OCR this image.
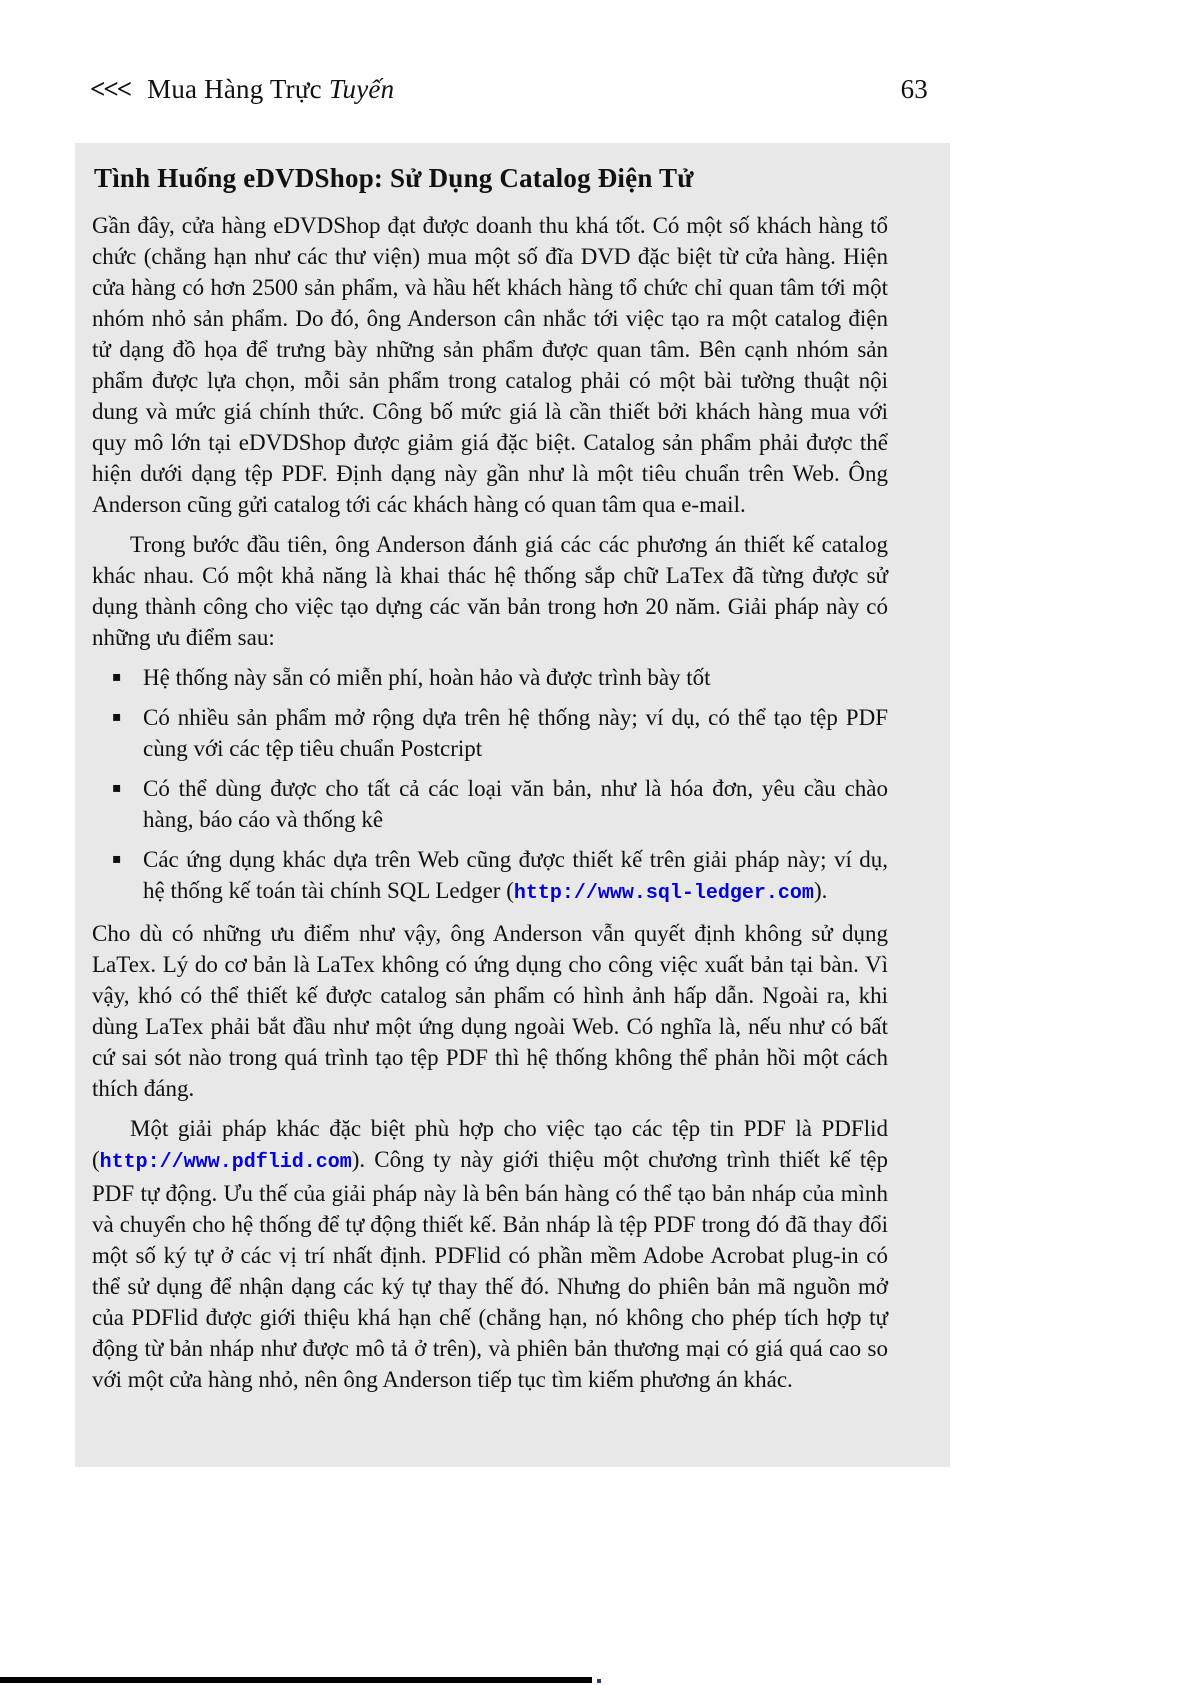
<<< Mua Hàng Trực Tuyến	63
Tình Huống eDVDShop: Sử Dụng Catalog Điện Tử
Gần đây, cửa hàng eDVDShop đạt được doanh thu khá tốt. Có một số khách hàng tổ chức (chẳng hạn như các thư viện) mua một số đĩa DVD đặc biệt từ cửa hàng. Hiện cửa hàng có hơn 2500 sản phẩm, và hầu hết khách hàng tổ chức chỉ quan tâm tới một nhóm nhỏ sản phẩm. Do đó, ông Anderson cân nhắc tới việc tạo ra một catalog điện tử dạng đồ họa để trưng bày những sản phẩm được quan tâm. Bên cạnh nhóm sản phẩm được lựa chọn, mỗi sản phẩm trong catalog phải có một bài tường thuật nội dung và mức giá chính thức. Công bố mức giá là cần thiết bởi khách hàng mua với quy mô lớn tại eDVDShop được giảm giá đặc biệt. Catalog sản phẩm phải được thể hiện dưới dạng tệp PDF. Định dạng này gần như là một tiêu chuẩn trên Web. Ông Anderson cũng gửi catalog tới các khách hàng có quan tâm qua e-mail.
Trong bước đầu tiên, ông Anderson đánh giá các các phương án thiết kế catalog khác nhau. Có một khả năng là khai thác hệ thống sắp chữ LaTex đã từng được sử dụng thành công cho việc tạo dựng các văn bản trong hơn 20 năm. Giải pháp này có những ưu điểm sau:
▪ Hệ thống này sẵn có miễn phí, hoàn hảo và được trình bày tốt
▪ Có nhiều sản phẩm mở rộng dựa trên hệ thống này; ví dụ, có thể tạo tệp PDF cùng với các tệp tiêu chuẩn Postcript
▪ Có thể dùng được cho tất cả các loại văn bản, như là hóa đơn, yêu cầu chào hàng, báo cáo và thống kê
▪ Các ứng dụng khác dựa trên Web cũng được thiết kế trên giải pháp này; ví dụ, hệ thống kế toán tài chính SQL Ledger (http://www.sql-ledger.com).
Cho dù có những ưu điểm như vậy, ông Anderson vẫn quyết định không sử dụng LaTex. Lý do cơ bản là LaTex không có ứng dụng cho công việc xuất bản tại bàn. Vì vậy, khó có thể thiết kế được catalog sản phẩm có hình ảnh hấp dẫn. Ngoài ra, khi dùng LaTex phải bắt đầu như một ứng dụng ngoài Web. Có nghĩa là, nếu như có bất cứ sai sót nào trong quá trình tạo tệp PDF thì hệ thống không thể phản hồi một cách thích đáng.
Một giải pháp khác đặc biệt phù hợp cho việc tạo các tệp tin PDF là PDFlid (http://www.pdflid.com). Công ty này giới thiệu một chương trình thiết kế tệp PDF tự động. Ưu thế của giải pháp này là bên bán hàng có thể tạo bản nháp của mình và chuyển cho hệ thống để tự động thiết kế. Bản nháp là tệp PDF trong đó đã thay đổi một số ký tự ở các vị trí nhất định. PDFlid có phần mềm Adobe Acrobat plug-in có thể sử dụng để nhận dạng các ký tự thay thế đó. Nhưng do phiên bản mã nguồn mở của PDFlid được giới thiệu khá hạn chế (chẳng hạn, nó không cho phép tích hợp tự động từ bản nháp như được mô tả ở trên), và phiên bản thương mại có giá quá cao so với một cửa hàng nhỏ, nên ông Anderson tiếp tục tìm kiếm phương án khác.
